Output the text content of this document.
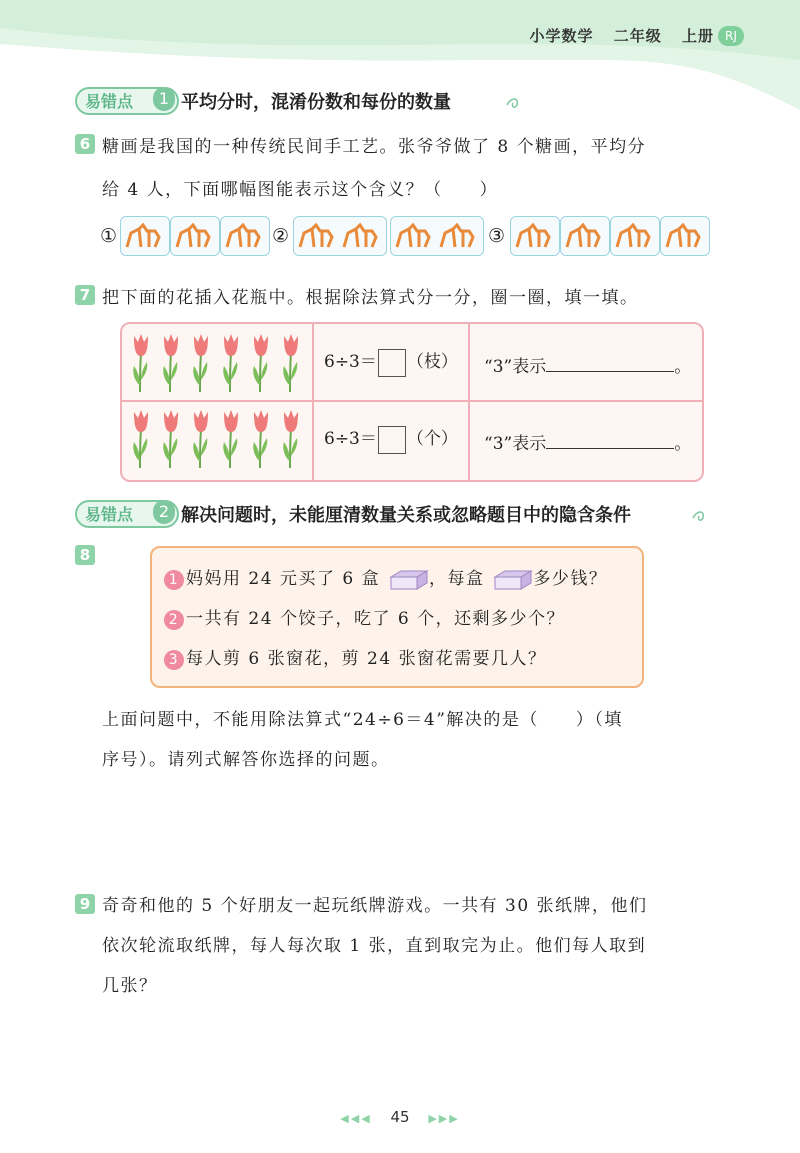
小学数学 二年级 上册 RJ
易错点	1 平均分时，混淆份数和每份的数量
6 糖画是我国的一种传统民间手工艺。张爷爷做了 8 个糖画，平均分
给 4 人，下面哪幅图能表示这个含义？（　　）
①	②	③
7 把下面的花插入花瓶中。根据除法算式分一分，圈一圈，填一填。
6÷3＝ （枝） “3”表示	。
6÷3＝ （个） “3”表示	。
易错点	2 解决问题时，未能厘清数量关系或忽略题目中的隐含条件
8
1 妈妈用 24 元买了 6 盒	，每盒	多少钱？
2 一共有 24 个饺子，吃了 6 个，还剩多少个？
3 每人剪 6 张窗花，剪 24 张窗花需要几人？
上面问题中，不能用除法算式“24÷6＝4”解决的是（　　）（填
序号）。请列式解答你选择的问题。
9 奇奇和他的 5 个好朋友一起玩纸牌游戏。一共有 30 张纸牌，他们
依次轮流取纸牌，每人每次取 1 张，直到取完为止。他们每人取到
几张？
◀◀◀ 45 ▶▶▶
